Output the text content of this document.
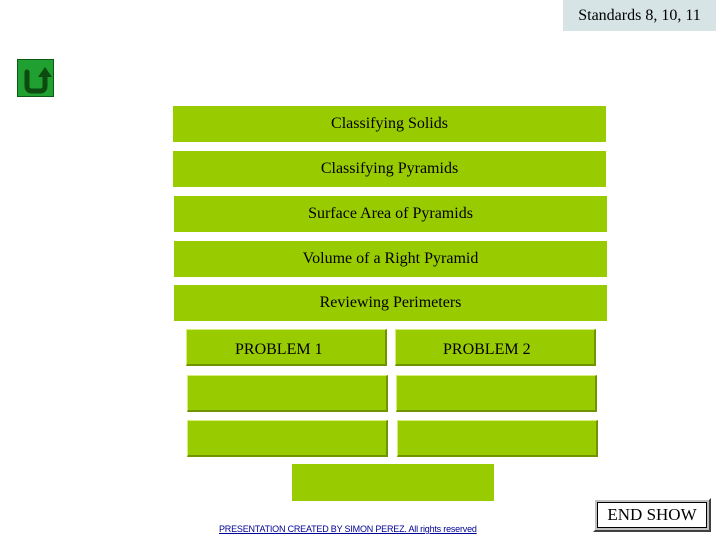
Standards 8, 10, 11
Classifying Solids
Classifying Pyramids
Surface Area of Pyramids
Volume of a Right Pyramid
Reviewing Perimeters
PROBLEM 1	PROBLEM 2
PRESENTATION CREATED BY SIMON PEREZ. All rights reserved
END SHOW
